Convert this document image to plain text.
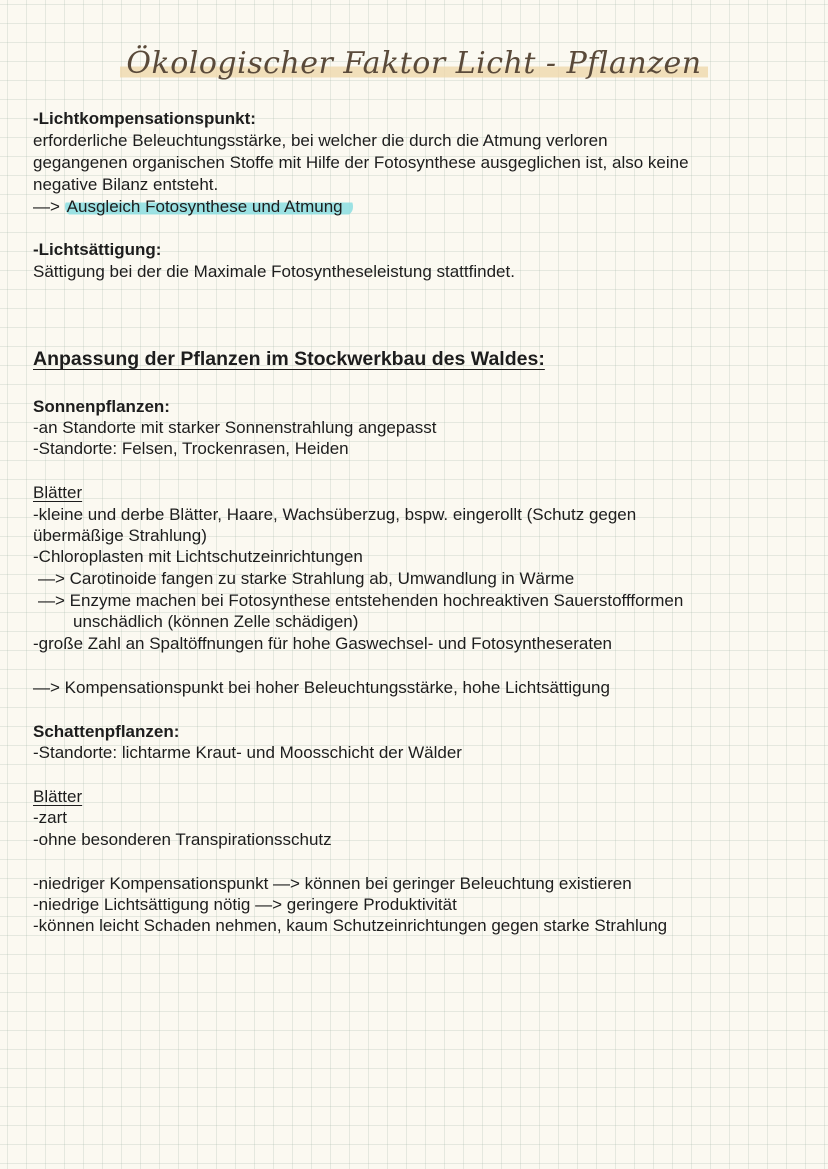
Ökologischer Faktor Licht - Pflanzen
-Lichtkompensationspunkt:
erforderliche Beleuchtungsstärke, bei welcher die durch die Atmung verloren
gegangenen organischen Stoffe mit Hilfe der Fotosynthese ausgeglichen ist, also keine
negative Bilanz entsteht.
—> Ausgleich Fotosynthese und Atmung
-Lichtsättigung:
Sättigung bei der die Maximale Fotosyntheseleistung stattfindet.
Anpassung der Pflanzen im Stockwerkbau des Waldes:
Sonnenpflanzen:
-an Standorte mit starker Sonnenstrahlung angepasst
-Standorte: Felsen, Trockenrasen, Heiden
Blätter
-kleine und derbe Blätter, Haare, Wachsüberzug, bspw. eingerollt (Schutz gegen
übermäßige Strahlung)
-Chloroplasten mit Lichtschutzeinrichtungen
—> Carotinoide fangen zu starke Strahlung ab, Umwandlung in Wärme
—> Enzyme machen bei Fotosynthese entstehenden hochreaktiven Sauerstoffformen
unschädlich (können Zelle schädigen)
-große Zahl an Spaltöffnungen für hohe Gaswechsel- und Fotosyntheseraten
—> Kompensationspunkt bei hoher Beleuchtungsstärke, hohe Lichtsättigung
Schattenpflanzen:
-Standorte: lichtarme Kraut- und Moosschicht der Wälder
Blätter
-zart
-ohne besonderen Transpirationsschutz
-niedriger Kompensationspunkt —> können bei geringer Beleuchtung existieren
-niedrige Lichtsättigung nötig —> geringere Produktivität
-können leicht Schaden nehmen, kaum Schutzeinrichtungen gegen starke Strahlung
